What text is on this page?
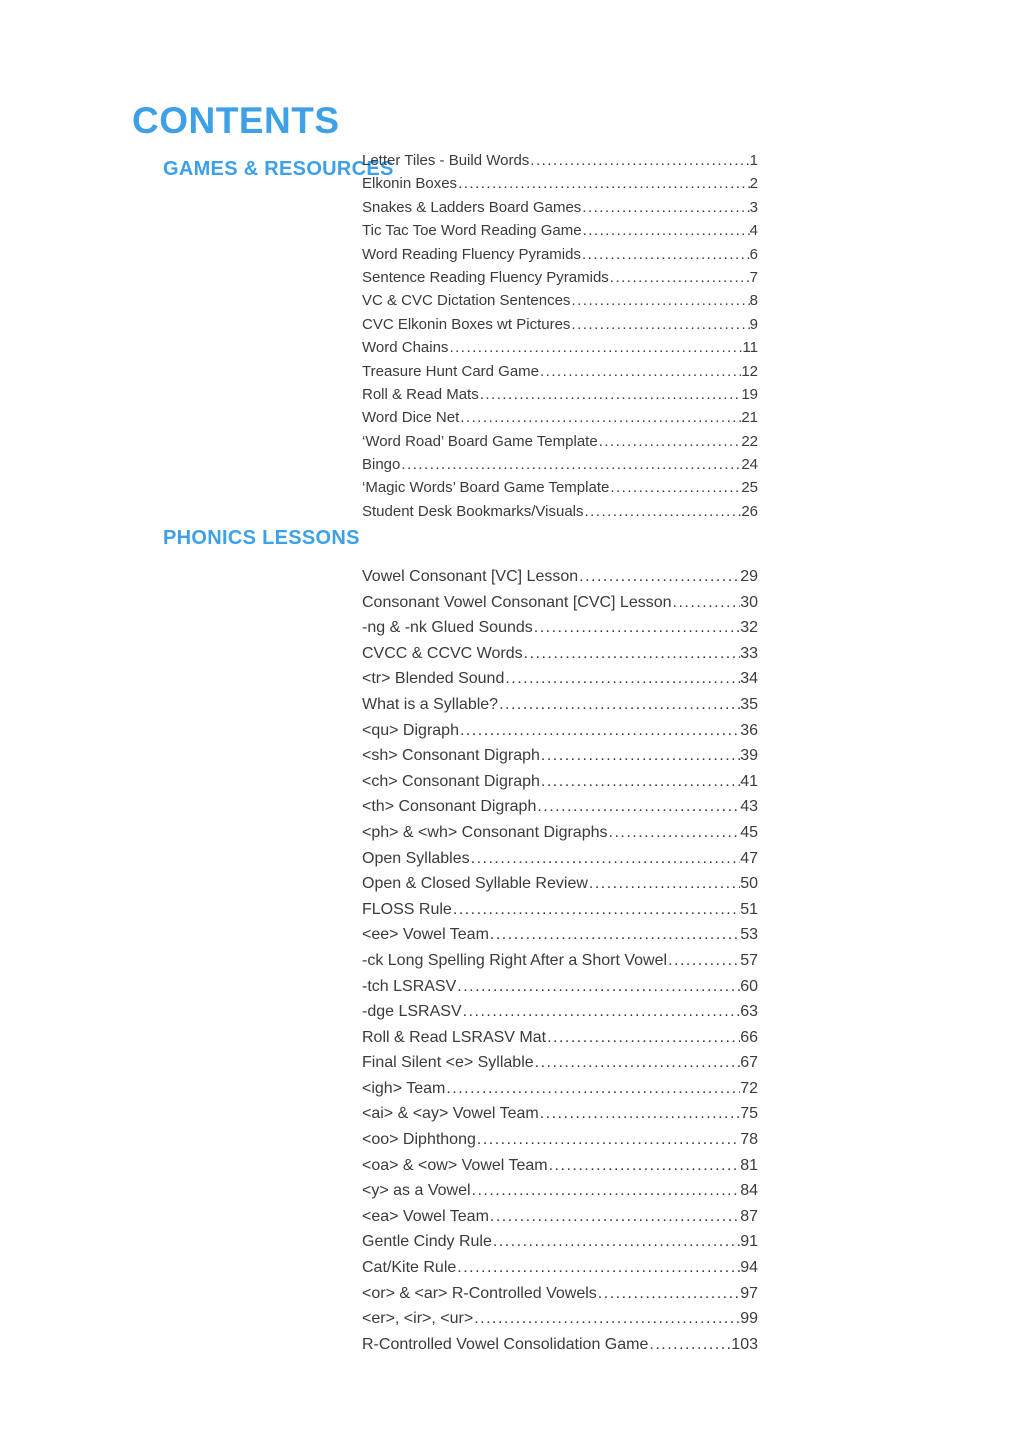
CONTENTS
GAMES & RESOURCES
Letter Tiles - Build Words .....	1
Elkonin Boxes .....	2
Snakes & Ladders Board Games .....	3
Tic Tac Toe Word Reading Game .....	4
Word Reading Fluency Pyramids .....	6
Sentence Reading Fluency Pyramids .....	7
VC & CVC Dictation Sentences .....	8
CVC Elkonin Boxes wt Pictures .....	9
Word Chains .....	11
Treasure Hunt Card Game .....	12
Roll & Read Mats .....	19
Word Dice Net .....	21
‘Word Road’ Board Game Template .....	22
Bingo .....	24
‘Magic Words’ Board Game Template .....	25
Student Desk Bookmarks/Visuals .....	26
PHONICS LESSONS
Vowel Consonant [VC] Lesson .....	29
Consonant Vowel Consonant [CVC] Lesson .....	30
-ng & -nk Glued Sounds .....	32
CVCC & CCVC Words .....	33
<tr> Blended Sound .....	34
What is a Syllable? .....	35
<qu> Digraph .....	36
<sh> Consonant Digraph .....	39
<ch> Consonant Digraph .....	41
<th> Consonant Digraph .....	43
<ph> & <wh> Consonant Digraphs .....	45
Open Syllables .....	47
Open & Closed Syllable Review .....	50
FLOSS Rule .....	51
<ee> Vowel Team .....	53
-ck Long Spelling Right After a Short Vowel .....	57
-tch LSRASV .....	60
-dge LSRASV .....	63
Roll & Read LSRASV Mat .....	66
Final Silent <e> Syllable .....	67
<igh> Team .....	72
<ai> & <ay> Vowel Team .....	75
<oo> Diphthong .....	78
<oa> & <ow> Vowel Team .....	81
<y> as a Vowel .....	84
<ea> Vowel Team .....	87
Gentle Cindy Rule .....	91
Cat/Kite Rule .....	94
<or> & <ar> R-Controlled Vowels .....	97
<er>, <ir>, <ur> .....	99
R-Controlled Vowel Consolidation Game .....	103
